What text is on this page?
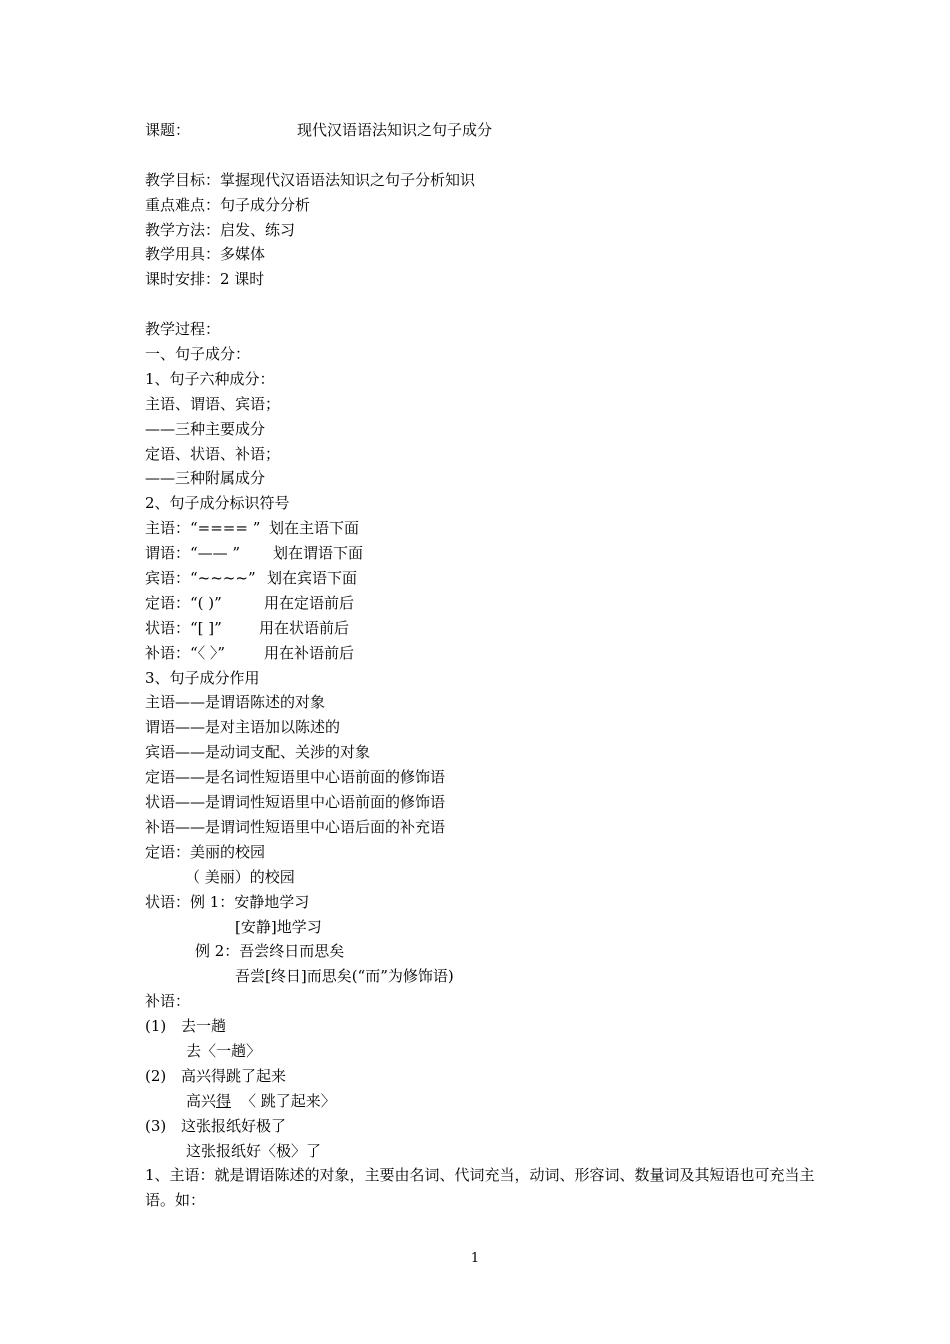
课题：	现代汉语语法知识之句子成分
教学目标：掌握现代汉语语法知识之句子分析知识
重点难点：句子成分分析
教学方法：启发、练习
教学用具：多媒体
课时安排：2 课时
教学过程：
一、句子成分：
1、句子六种成分：
主语、谓语、宾语；
——三种主要成分
定语、状语、补语；
——三种附属成分
2、句子成分标识符号
主语：“==== ” 划在主语下面
谓语：“—— ” 划在谓语下面
宾语：“~~~~” 划在宾语下面
定语：“( )”	用在定语前后
状语：“[ ]” 用在状语前后
补语：“〈 〉”	用在补语前后
3、句子成分作用
主语——是谓语陈述的对象
谓语——是对主语加以陈述的
宾语——是动词支配、关涉的对象
定语——是名词性短语里中心语前面的修饰语
状语——是谓词性短语里中心语前面的修饰语
补语——是谓词性短语里中心语后面的补充语
定语：美丽的校园
（ 美丽）的校园
状语：例 1：安静地学习
[安静]地学习
例 2：吾尝终日而思矣
吾尝[终日]而思矣(“而”为修饰语)
补语：
(1) 去一趟
去〈一趟〉
(2) 高兴得跳了起来
高兴得 〈 跳了起来〉
(3) 这张报纸好极了
这张报纸好〈极〉了
1、主语：就是谓语陈述的对象，主要由名词、代词充当，动词、形容词、数量词及其短语也可充当主语。如：
1
